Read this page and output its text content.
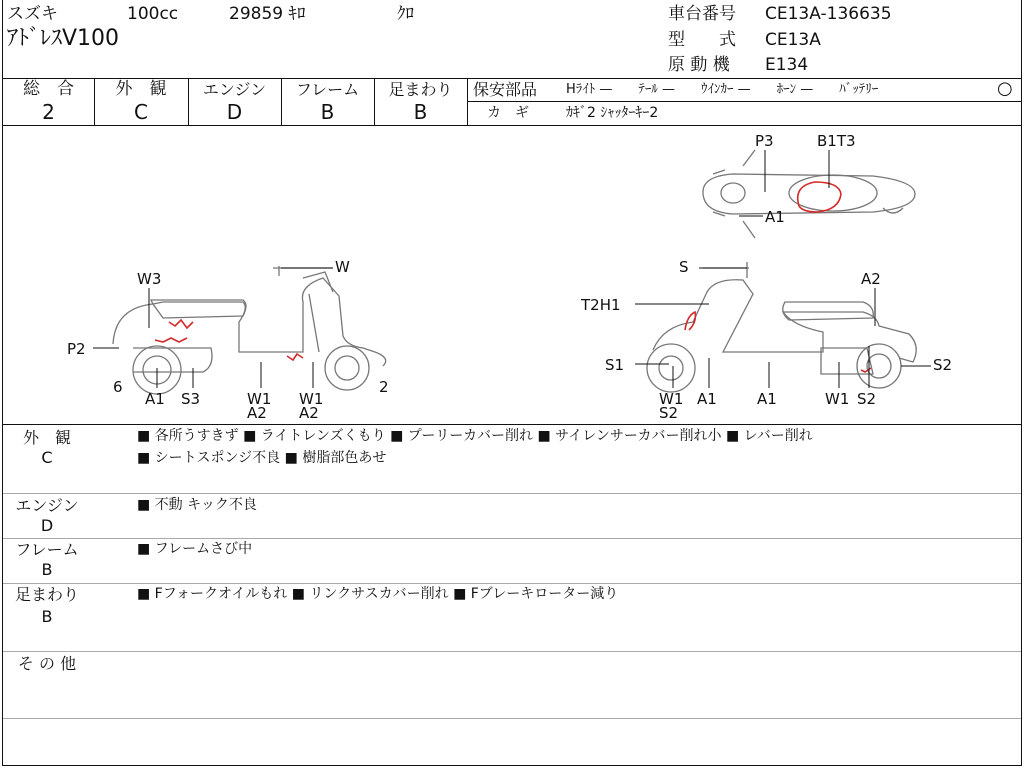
スズキ	100cc	29859 ｷﾛ	ｸﾛ
ｱﾄﾞﾚｽV100
車台番号 CE13A-136635
型　　式 CE13A
原 動 機 E134
総　合
2
外　観
C
エンジン
D
フレーム
B
足まわり
B
保安部品 Hﾗｲﾄ —　　ﾃｰﾙ —　　ｳｲﾝｶｰ —　　ﾎｰﾝ —　　ﾊﾞｯﾃﾘｰ	○
カ　ギ	ｶｷﾞ2 ｼｬｯﾀｰｷｰ2
P3	B1T3
A1
W
W3
P2
6
A1 S3	W1
A2
W1
A2
2
S
A2
T2H1
S1	S2
W1
S2
A1	A1	W1 S2
外　観
C
■ 各所うすきず ■ ライトレンズくもり ■ プーリーカバー削れ ■ サイレンサーカバー削れ小 ■ レバー削れ
■ シートスポンジ不良 ■ 樹脂部色あせ
エンジン
D
■ 不動 キック不良
フレーム
B
■ フレームさび中
足まわり
B
■ Fフォークオイルもれ ■ リンクサスカバー削れ ■ Fブレーキローター減り
そ の 他
